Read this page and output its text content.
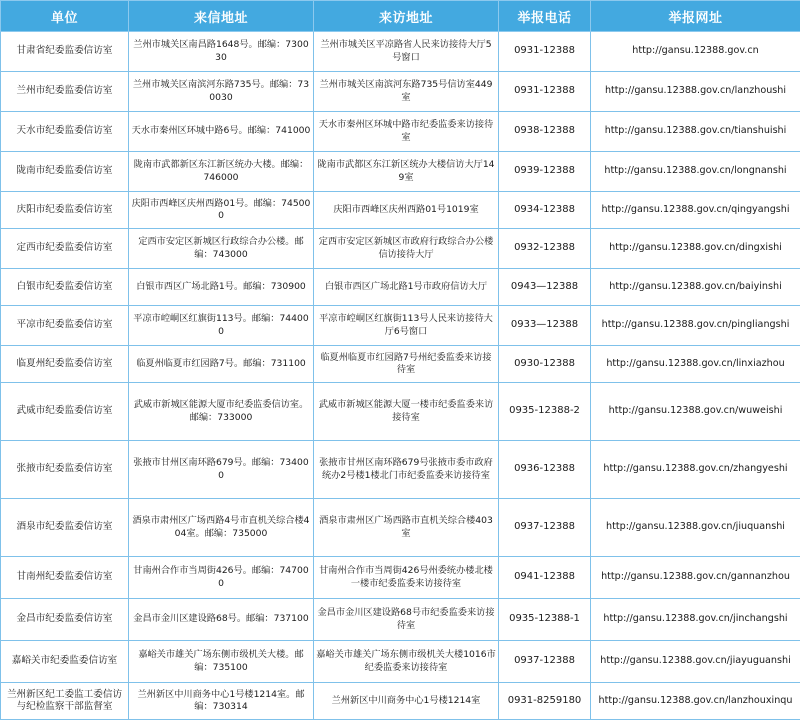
单位	来信地址	来访地址	举报电话	举报网址
甘肃省纪委监委信访室	兰州市城关区南昌路1648号。邮编：730030	兰州市城关区平凉路省人民来访接待大厅5号窗口	0931-12388	http://gansu.12388.gov.cn
兰州市纪委监委信访室	兰州市城关区南滨河东路735号。邮编：730030	兰州市城关区南滨河东路735号信访室449室	0931-12388	http://gansu.12388.gov.cn/lanzhoushi
天水市纪委监委信访室	天水市秦州区环城中路6号。邮编：741000	天水市秦州区环城中路市纪委监委来访接待室	0938-12388	http://gansu.12388.gov.cn/tianshuishi
陇南市纪委监委信访室	陇南市武都新区东江新区统办大楼。邮编：746000	陇南市武都区东江新区统办大楼信访大厅149室	0939-12388	http://gansu.12388.gov.cn/longnanshi
庆阳市纪委监委信访室	庆阳市西峰区庆州西路01号。邮编：745000	庆阳市西峰区庆州西路01号1019室	0934-12388	http://gansu.12388.gov.cn/qingyangshi
定西市纪委监委信访室	定西市安定区新城区行政综合办公楼。邮编：743000	定西市安定区新城区市政府行政综合办公楼信访接待大厅	0932-12388	http://gansu.12388.gov.cn/dingxishi
白银市纪委监委信访室	白银市西区广场北路1号。邮编：730900	白银市西区广场北路1号市政府信访大厅	0943—12388	http://gansu.12388.gov.cn/baiyinshi
平凉市纪委监委信访室	平凉市崆峒区红旗街113号。邮编：744000	平凉市崆峒区红旗街113号人民来访接待大厅6号窗口	0933—12388	http://gansu.12388.gov.cn/pingliangshi
临夏州纪委监委信访室	临夏州临夏市红园路7号。邮编：731100	临夏州临夏市红园路7号州纪委监委来访接待室	0930-12388	http://gansu.12388.gov.cn/linxiazhou
武威市纪委监委信访室	武威市新城区能源大厦市纪委监委信访室。邮编：733000	武威市新城区能源大厦一楼市纪委监委来访接待室	0935-12388-2	http://gansu.12388.gov.cn/wuweishi
张掖市纪委监委信访室	张掖市甘州区南环路679号。邮编：734000	张掖市甘州区南环路679号张掖市委市政府统办2号楼1楼北门市纪委监委来访接待室	0936-12388	http://gansu.12388.gov.cn/zhangyeshi
酒泉市纪委监委信访室	酒泉市肃州区广场西路4号市直机关综合楼404室。邮编：735000	酒泉市肃州区广场西路市直机关综合楼403室	0937-12388	http://gansu.12388.gov.cn/jiuquanshi
甘南州纪委监委信访室	甘南州合作市当周街426号。邮编：747000	甘南州合作市当周街426号州委统办楼北楼一楼市纪委监委来访接待室	0941-12388	http://gansu.12388.gov.cn/gannanzhou
金昌市纪委监委信访室	金昌市金川区建设路68号。邮编：737100	金昌市金川区建设路68号市纪委监委来访接待室	0935-12388-1	http://gansu.12388.gov.cn/jinchangshi
嘉峪关市纪委监委信访室	嘉峪关市雄关广场东侧市级机关大楼。邮编：735100	嘉峪关市雄关广场东侧市级机关大楼1016市纪委监委来访接待室	0937-12388	http://gansu.12388.gov.cn/jiayuguanshi
兰州新区纪工委监工委信访与纪检监察干部监督室	兰州新区中川商务中心1号楼1214室。邮编：730314	兰州新区中川商务中心1号楼1214室	0931-8259180	http://gansu.12388.gov.cn/lanzhouxinqu
